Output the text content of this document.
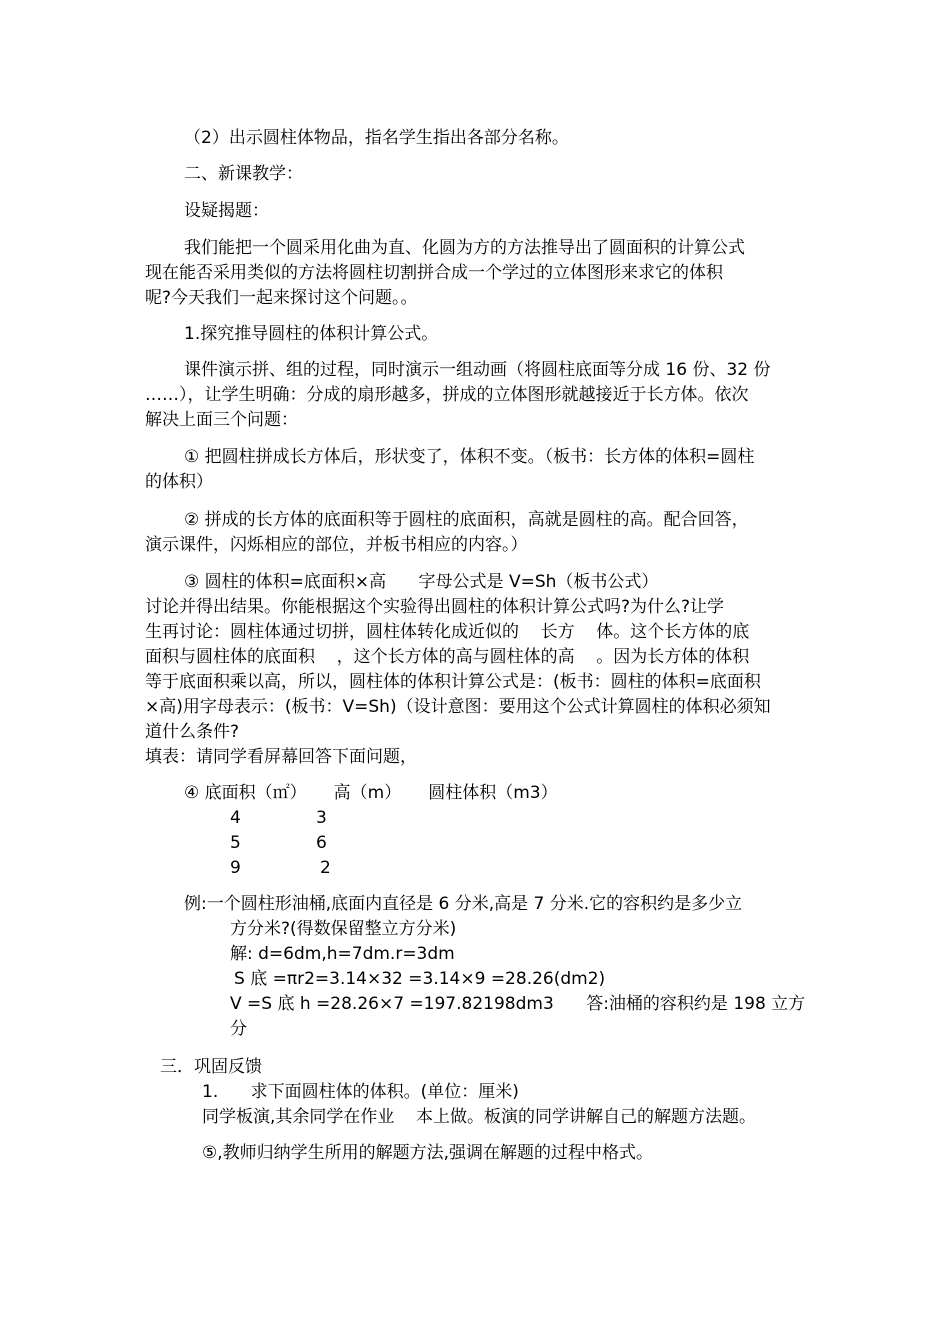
（2）出示圆柱体物品，指名学生指出各部分名称。
二、新课教学：
设疑揭题：
我们能把一个圆采用化曲为直、化圆为方的方法推导出了圆面积的计算公式
现在能否采用类似的方法将圆柱切割拼合成一个学过的立体图形来求它的体积
呢?今天我们一起来探讨这个问题。。
1.探究推导圆柱的体积计算公式。
课件演示拼、组的过程，同时演示一组动画（将圆柱底面等分成 16 份、32 份
……），让学生明确：分成的扇形越多，拼成的立体图形就越接近于长方体。依次
解决上面三个问题：
① 把圆柱拼成长方体后，形状变了，体积不变。（板书：长方体的体积=圆柱
的体积）
② 拼成的长方体的底面积等于圆柱的底面积，高就是圆柱的高。配合回答，
演示课件，闪烁相应的部位，并板书相应的内容。）
③ 圆柱的体积=底面积×高      字母公式是 V=Sh（板书公式）
讨论并得出结果。你能根据这个实验得出圆柱的体积计算公式吗?为什么?让学
生再讨论：圆柱体通过切拼，圆柱体转化成近似的    长方    体。这个长方体的底
面积与圆柱体的底面积    ，这个长方体的高与圆柱体的高    。因为长方体的体积
等于底面积乘以高，所以，圆柱体的体积计算公式是：(板书：圆柱的体积=底面积
×高)用字母表示：(板书：V=Sh)（设计意图：要用这个公式计算圆柱的体积必须知
道什么条件?
填表：请同学看屏幕回答下面问题，
④ 底面积（㎡）     高（m）     圆柱体积（m3）
4	3
5	6
9	2
例:一个圆柱形油桶,底面内直径是 6 分米,高是 7 分米.它的容积约是多少立
方分米?(得数保留整立方分米)
解: d=6dm,h=7dm.r=3dm
S 底 =πr2=3.14×32 =3.14×9 =28.26(dm2)
V =S 底 h =28.26×7 =197.82198dm3      答:油桶的容积约是 198 立方
分
三．巩固反馈
1.      求下面圆柱体的体积。(单位：厘米)
同学板演,其余同学在作业    本上做。板演的同学讲解自己的解题方法题。
⑤,教师归纳学生所用的解题方法,强调在解题的过程中格式。
